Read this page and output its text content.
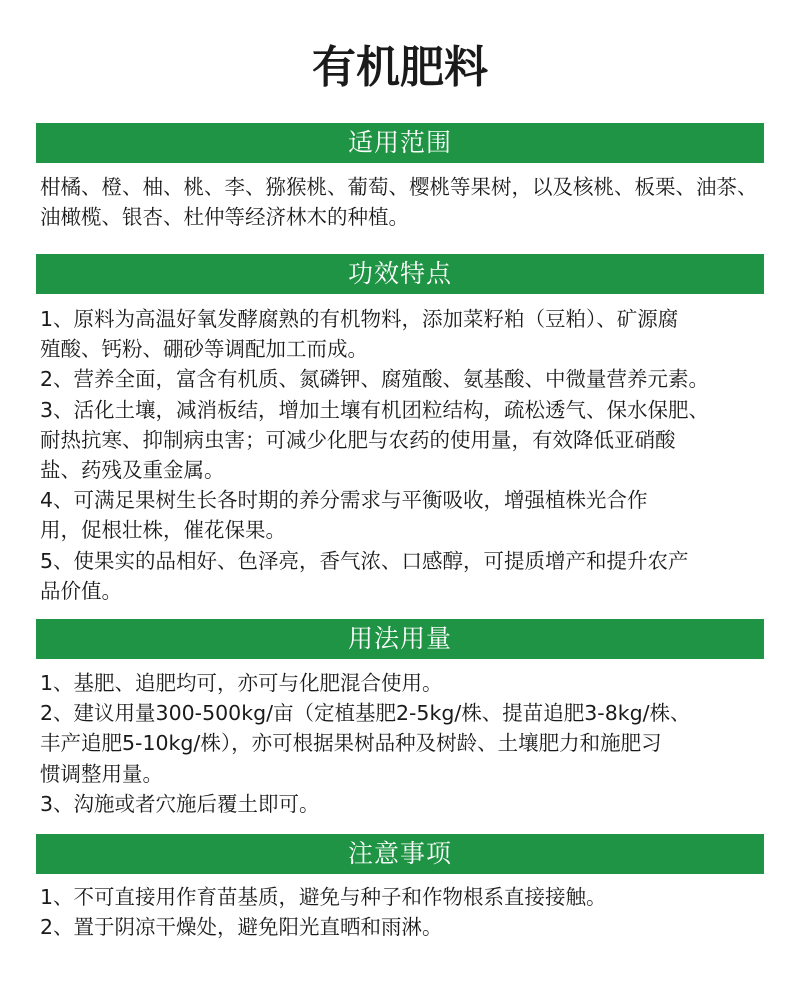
有机肥料
适用范围

柑橘、橙、柚、桃、李、猕猴桃、葡萄、樱桃等果树，以及核桃、板栗、油茶、

油橄榄、银杏、杜仲等经济林木的种植。

功效特点

1、原料为高温好氧发酵腐熟的有机物料，添加菜籽粕（豆粕）、矿源腐

殖酸、钙粉、硼砂等调配加工而成。

2、营养全面，富含有机质、氮磷钾、腐殖酸、氨基酸、中微量营养元素。

3、活化土壤，减消板结，增加土壤有机团粒结构，疏松透气、保水保肥、

耐热抗寒、抑制病虫害；可减少化肥与农药的使用量，有效降低亚硝酸

盐、药残及重金属。

4、可满足果树生长各时期的养分需求与平衡吸收，增强植株光合作

用，促根壮株，催花保果。

5、使果实的品相好、色泽亮，香气浓、口感醇，可提质增产和提升农产

品价值。

用法用量

1、基肥、追肥均可，亦可与化肥混合使用。

2、建议用量300-500kg/亩（定植基肥2-5kg/株、提苗追肥3-8kg/株、

丰产追肥5-10kg/株），亦可根据果树品种及树龄、土壤肥力和施肥习

惯调整用量。

3、沟施或者穴施后覆土即可。

注意事项

1、不可直接用作育苗基质，避免与种子和作物根系直接接触。

2、置于阴凉干燥处，避免阳光直晒和雨淋。
